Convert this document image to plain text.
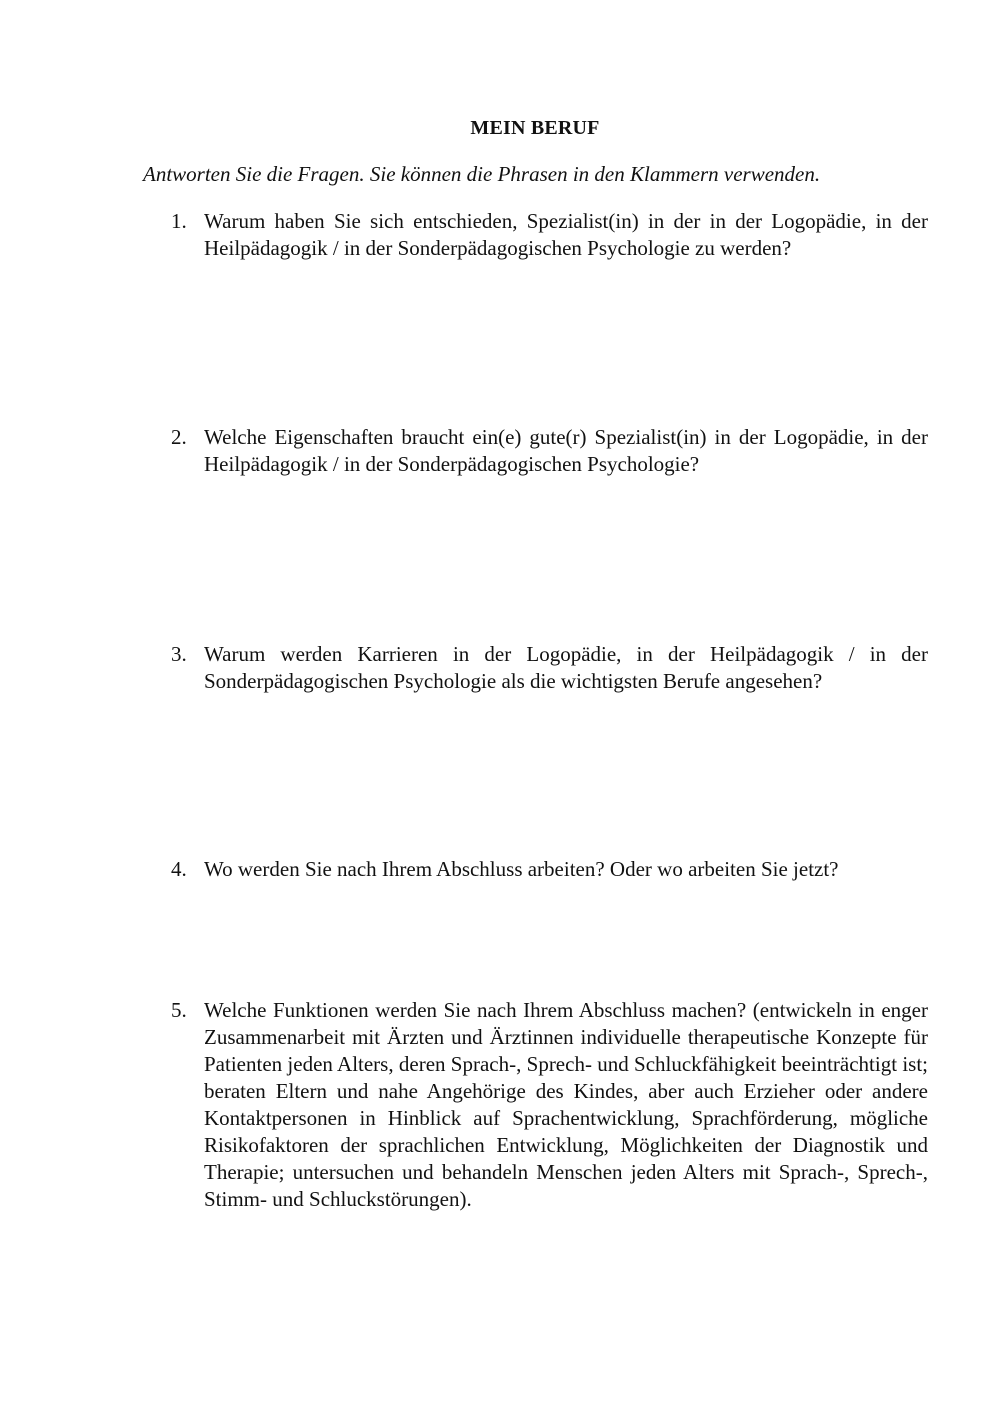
MEIN BERUF
Antworten Sie die Fragen. Sie können die Phrasen in den Klammern verwenden.
1. Warum haben Sie sich entschieden, Spezialist(in) in der in der Logopädie, in der Heilpädagogik / in der Sonderpädagogischen Psychologie zu werden?
2. Welche Eigenschaften braucht ein(e) gute(r) Spezialist(in) in der Logopädie, in der Heilpädagogik / in der Sonderpädagogischen Psychologie?
3. Warum werden Karrieren in der Logopädie, in der Heilpädagogik / in der Sonderpädagogischen Psychologie als die wichtigsten Berufe angesehen?
4. Wo werden Sie nach Ihrem Abschluss arbeiten? Oder wo arbeiten Sie jetzt?
5. Welche Funktionen werden Sie nach Ihrem Abschluss machen? (entwickeln in enger Zusammenarbeit mit Ärzten und Ärztinnen individuelle therapeutische Konzepte für Patienten jeden Alters, deren Sprach-, Sprech- und Schluckfähigkeit beeinträchtigt ist; beraten Eltern und nahe Angehörige des Kindes, aber auch Erzieher oder andere Kontaktpersonen in Hinblick auf Sprachentwicklung, Sprachförderung, mögliche Risikofaktoren der sprachlichen Entwicklung, Möglichkeiten der Diagnostik und Therapie; untersuchen und behandeln Menschen jeden Alters mit Sprach-, Sprech-, Stimm- und Schluckstörungen).
